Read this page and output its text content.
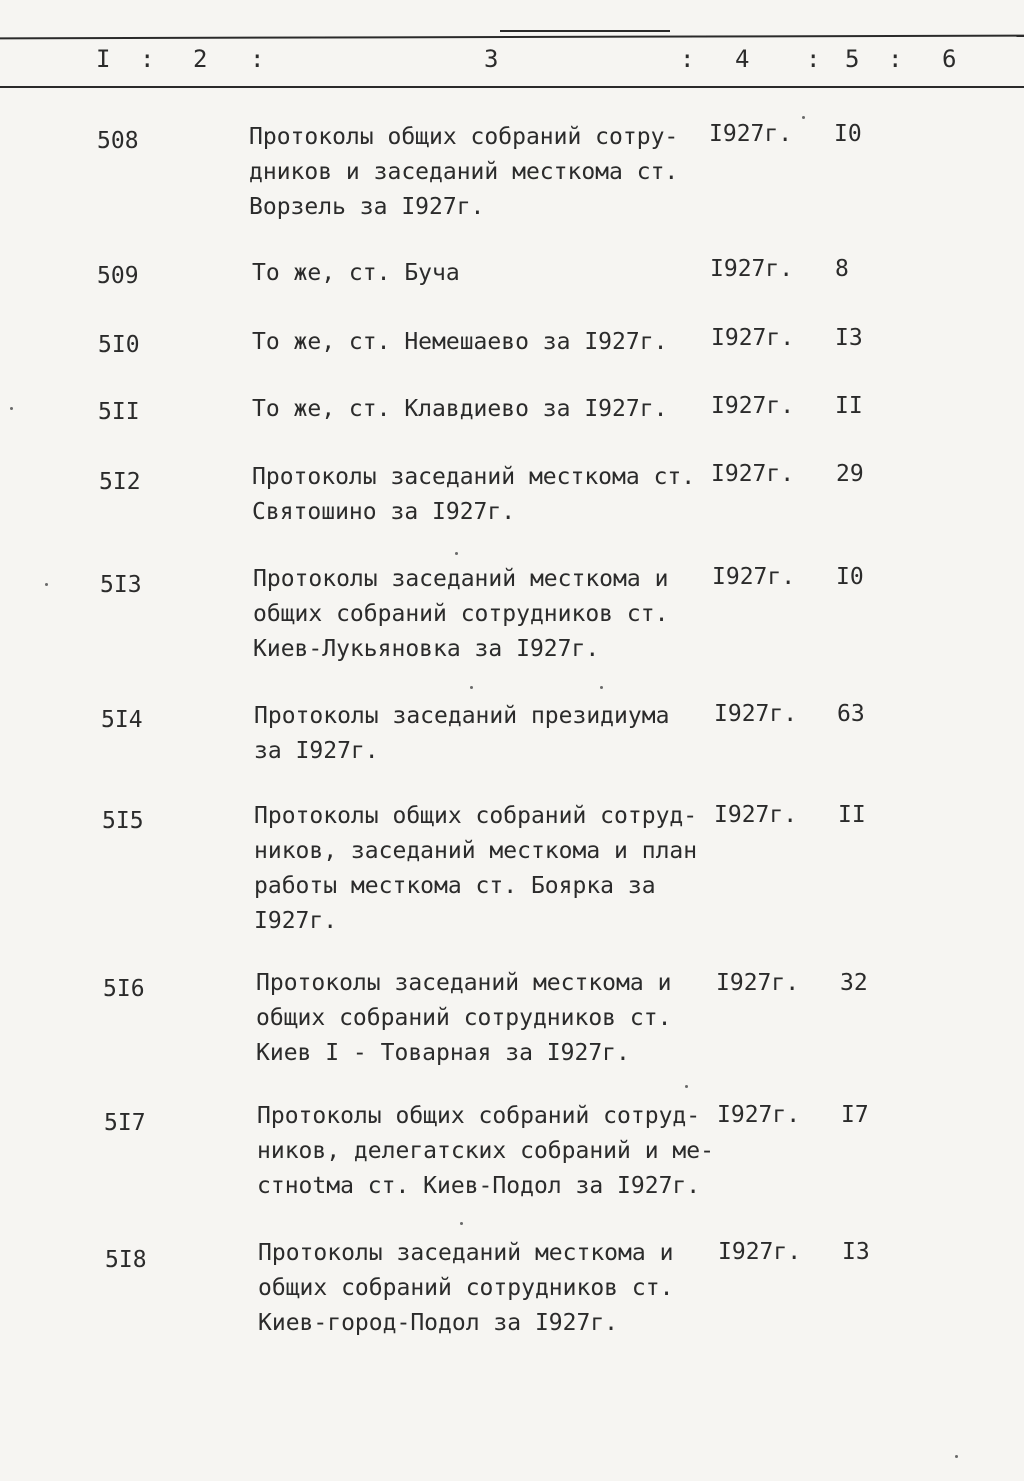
I : 2 :	3	: 4 : 5 : 6
508	Протоколы общих собраний сотру-
дников и заседаний месткома ст.
Ворзель за I927г.
I927г.	I0
509	То же, ст. Буча	I927г.	8
5I0	То же, ст. Немешаево за I927г.	I927г.	I3
5II	То же, ст. Клавдиево за I927г.	I927г.	II
5I2	Протоколы заседаний месткома ст.
Святошино за I927г.
I927г.	29
5I3	Протоколы заседаний месткома и
общих собраний сотрудников ст.
Киев-Лукьяновка за I927г.
I927г.	I0
5I4	Протоколы заседаний президиума
за I927г.
I927г.	63
5I5	Протоколы общих собраний сотруд-
ников, заседаний месткома и план
работы месткома ст. Боярка за
I927г.
I927г.	II
5I6	Протоколы заседаний месткома и
общих собраний сотрудников ст.
Киев I - Товарная за I927г.
I927г.	32
5I7	Протоколы общих собраний сотруд-
ников, делегатских собраний и ме-
стноtма ст. Киев-Подол за I927г.
I927г.	I7
5I8	Протоколы заседаний месткома и
общих собраний сотрудников ст.
Киев-город-Подол за I927г.
I927г.	I3
